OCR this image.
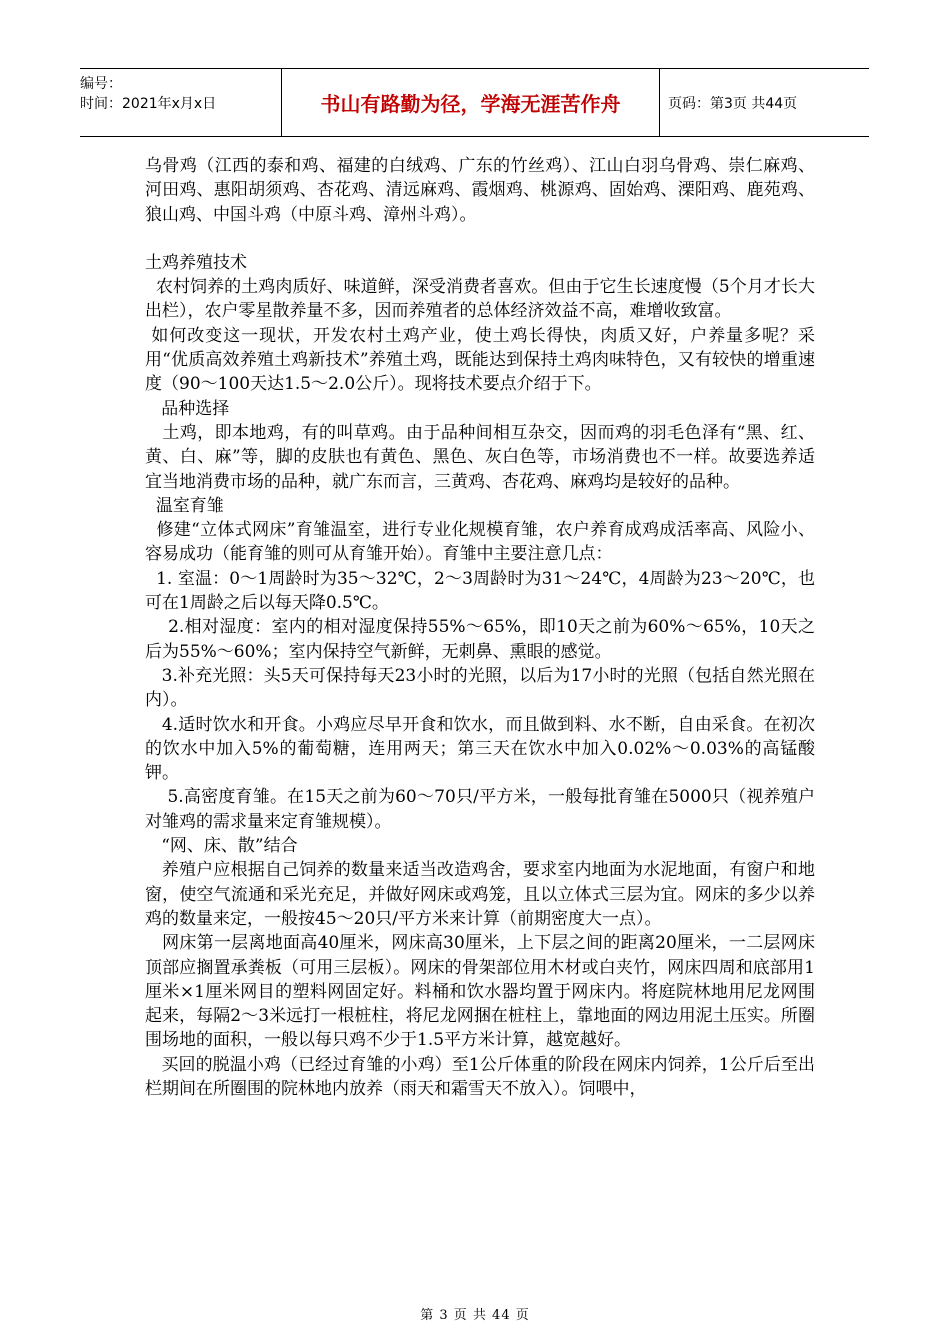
编号：
时间：2021年x月x日	书山有路勤为径，学海无涯苦作舟	页码：第3页 共44页

乌骨鸡（江西的泰和鸡、福建的白绒鸡、广东的竹丝鸡）、江山白羽乌骨鸡、崇仁麻鸡、河田鸡、惠阳胡须鸡、杏花鸡、清远麻鸡、霞烟鸡、桃源鸡、固始鸡、溧阳鸡、鹿苑鸡、狼山鸡、中国斗鸡（中原斗鸡、漳州斗鸡）。

土鸡养殖技术

农村饲养的土鸡肉质好、味道鲜，深受消费者喜欢。但由于它生长速度慢（5个月才长大出栏），农户零星散养量不多，因而养殖者的总体经济效益不高，难增收致富。

如何改变这一现状，开发农村土鸡产业，使土鸡长得快，肉质又好，户养量多呢？采用“优质高效养殖土鸡新技术”养殖土鸡，既能达到保持土鸡肉味特色，又有较快的增重速度（90～100天达1.5～2.0公斤）。现将技术要点介绍于下。

品种选择

土鸡，即本地鸡，有的叫草鸡。由于品种间相互杂交，因而鸡的羽毛色泽有“黑、红、黄、白、麻”等，脚的皮肤也有黄色、黑色、灰白色等，市场消费也不一样。故要选养适宜当地消费市场的品种，就广东而言，三黄鸡、杏花鸡、麻鸡均是较好的品种。

温室育雏

修建“立体式网床”育雏温室，进行专业化规模育雏，农户养育成鸡成活率高、风险小、容易成功（能育雏的则可从育雏开始）。育雏中主要注意几点：

1. 室温：0～1周龄时为35～32℃，2～3周龄时为31～24℃，4周龄为23～20℃，也可在1周龄之后以每天降0.5℃。

2.相对湿度：室内的相对湿度保持55%～65%，即10天之前为60%～65%，10天之后为55%～60%；室内保持空气新鲜，无刺鼻、熏眼的感觉。

3.补充光照：头5天可保持每天23小时的光照，以后为17小时的光照（包括自然光照在内）。

4.适时饮水和开食。小鸡应尽早开食和饮水，而且做到料、水不断，自由采食。在初次的饮水中加入5%的葡萄糖，连用两天；第三天在饮水中加入0.02%～0.03%的高锰酸钾。

5.高密度育雏。在15天之前为60～70只/平方米，一般每批育雏在5000只（视养殖户对雏鸡的需求量来定育雏规模）。

“网、床、散”结合

养殖户应根据自己饲养的数量来适当改造鸡舍，要求室内地面为水泥地面，有窗户和地窗，使空气流通和采光充足，并做好网床或鸡笼，且以立体式三层为宜。网床的多少以养鸡的数量来定，一般按45～20只/平方米来计算（前期密度大一点）。

网床第一层离地面高40厘米，网床高30厘米，上下层之间的距离20厘米，一二层网床顶部应搁置承粪板（可用三层板）。网床的骨架部位用木材或白夹竹，网床四周和底部用1厘米×1厘米网目的塑料网固定好。料桶和饮水器均置于网床内。将庭院林地用尼龙网围起来，每隔2～3米远打一根桩柱，将尼龙网捆在桩柱上，靠地面的网边用泥土压实。所圈围场地的面积，一般以每只鸡不少于1.5平方米计算，越宽越好。

买回的脱温小鸡（已经过育雏的小鸡）至1公斤体重的阶段在网床内饲养，1公斤后至出栏期间在所圈围的院林地内放养（雨天和霜雪天不放入）。饲喂中，

第 3 页 共 44 页
